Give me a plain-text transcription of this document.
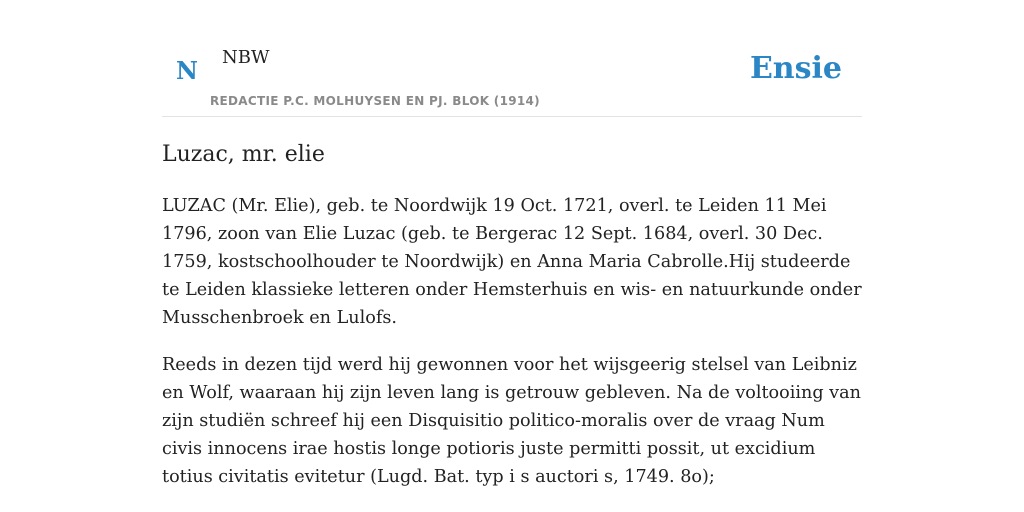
N NBW
REDACTIE P.C. MOLHUYSEN EN PJ. BLOK (1914)
Ensie
Luzac, mr. elie

LUZAC (Mr. Elie), geb. te Noordwijk 19 Oct. 1721, overl. te Leiden 11 Mei 1796, zoon van Elie Luzac (geb. te Bergerac 12 Sept. 1684, overl. 30 Dec. 1759, kostschoolhouder te Noordwijk) en Anna Maria Cabrolle.Hij studeerde te Leiden klassieke letteren onder Hemsterhuis en wis- en natuurkunde onder Musschenbroek en Lulofs.

Reeds in dezen tijd werd hij gewonnen voor het wijsgeerig stelsel van Leibniz en Wolf, waaraan hij zijn leven lang is getrouw gebleven. Na de voltooiing van zijn studiën schreef hij een Disquisitio politico-moralis over de vraag Num civis innocens irae hostis longe potioris juste permitti possit, ut excidium totius civitatis evitetur (Lugd. Bat. typ i s auctori s, 1749. 8o);
